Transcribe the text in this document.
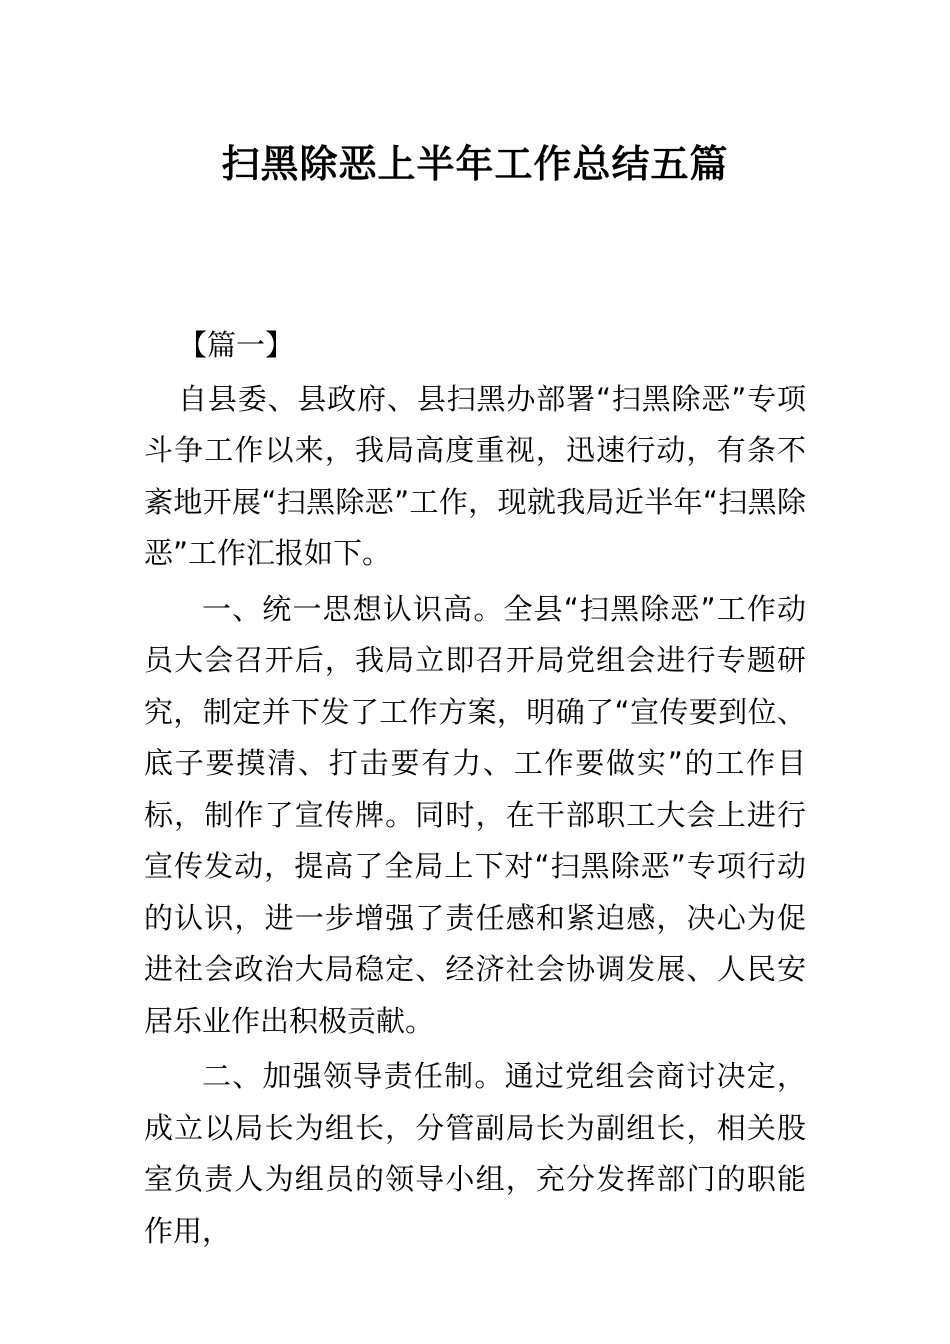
扫黑除恶上半年工作总结五篇

【篇一】

自县委、县政府、县扫黑办部署“扫黑除恶”专项斗争工作以来，我局高度重视，迅速行动，有条不紊地开展“扫黑除恶”工作，现就我局近半年“扫黑除恶”工作汇报如下。

一、统一思想认识高。全县“扫黑除恶”工作动员大会召开后，我局立即召开局党组会进行专题研究，制定并下发了工作方案，明确了“宣传要到位、底子要摸清、打击要有力、工作要做实”的工作目标，制作了宣传牌。同时，在干部职工大会上进行宣传发动，提高了全局上下对“扫黑除恶”专项行动的认识，进一步增强了责任感和紧迫感，决心为促进社会政治大局稳定、经济社会协调发展、人民安居乐业作出积极贡献。

二、加强领导责任制。通过党组会商讨决定，成立以局长为组长，分管副局长为副组长，相关股室负责人为组员的领导小组，充分发挥部门的职能作用，
